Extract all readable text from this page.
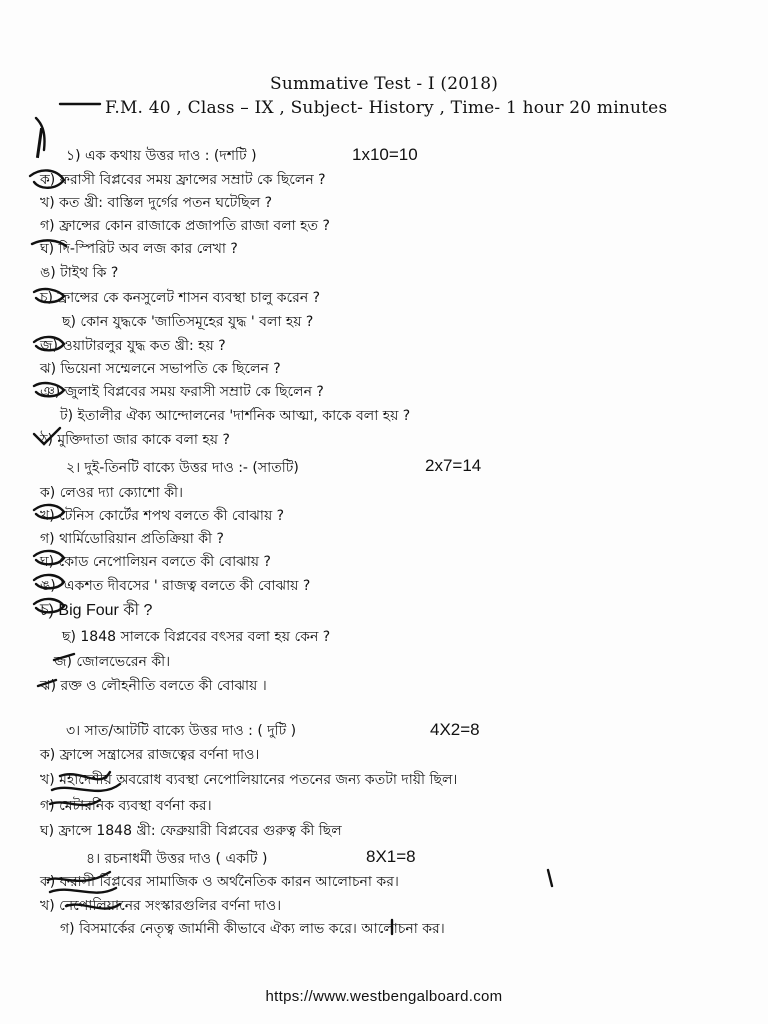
Summative Test - I (2018)
F.M. 40 , Class – IX , Subject- History , Time- 1 hour 20 minutes
১) এক কথায় উত্তর দাও : (দশটি )	1x10=10
ক) ফরাসী বিপ্লবের সময় ফ্রান্সের সম্রাট কে ছিলেন ?
খ) কত খ্রী: বাস্তিল দুর্গের পতন ঘটেছিল ?
গ) ফ্রান্সের কোন রাজাকে প্রজাপতি রাজা বলা হত ?
ঘ) দি-স্পিরিট অব লজ কার লেখা ?
ঙ) টাইথ কি ?
চ) ফ্রান্সের কে কনসুলেট শাসন ব্যবস্থা চালু করেন ?
ছ) কোন যুদ্ধকে 'জাতিসমূহের যুদ্ধ ' বলা হয় ?
জ) ওয়াটারলুর যুদ্ধ কত খ্রী: হয় ?
ঝ) ভিয়েনা সম্মেলনে সভাপতি কে ছিলেন ?
ঞ) জুলাই বিপ্লবের সময় ফরাসী সম্রাট কে ছিলেন ?
ট) ইতালীর ঐক্য আন্দোলনের 'দার্শনিক আত্মা, কাকে বলা হয় ?
ঠ) মুক্তিদাতা জার কাকে বলা হয় ?
২। দুই-তিনটি বাক্যে উত্তর দাও :- (সাতটি)	2x7=14
ক) লেওর দ্যা ক্যোশো কী।
খ) টেনিস কোর্টের শপথ বলতে কী বোঝায় ?
গ) থার্মিডোরিয়ান প্রতিক্রিয়া কী ?
ঘ) কোড নেপোলিয়ন বলতে কী বোঝায় ?
ঙ) 'একশত দীবসের ' রাজত্ব বলতে কী বোঝায় ?
চ) Big Four কী ?
ছ) 1848 সালকে বিপ্লবের বৎসর বলা হয় কেন ?
জ) জোলভেরেন কী।
ঝ) রক্ত ও লৌহনীতি বলতে কী বোঝায় ।
৩। সাত/আটটি বাক্যে উত্তর দাও : ( দুটি )	4X2=8
ক) ফ্রান্সে সন্ত্রাসের রাজত্বের বর্ণনা দাও।
খ) মহাদেশীয় অবরোধ ব্যবস্থা নেপোলিয়ানের পতনের জন্য কতটা দায়ী ছিল।
গ) মেটারনিক ব্যবস্থা বর্ণনা কর।
ঘ) ফ্রান্সে 1848 খ্রী: ফেব্রুয়ারী বিপ্লবের গুরুত্ব কী ছিল
৪। রচনাধর্মী উত্তর দাও ( একটি )	8X1=8
ক) ফরাসী বিপ্লবের সামাজিক ও অর্থনৈতিক কারন আলোচনা কর।
খ) নেপোলিয়ানের সংস্কারগুলির বর্ণনা দাও।
গ) বিসমার্কের নেতৃত্ব জার্মানী কীভাবে ঐক্য লাভ করে। আলোচনা কর।
https://www.westbengalboard.com
